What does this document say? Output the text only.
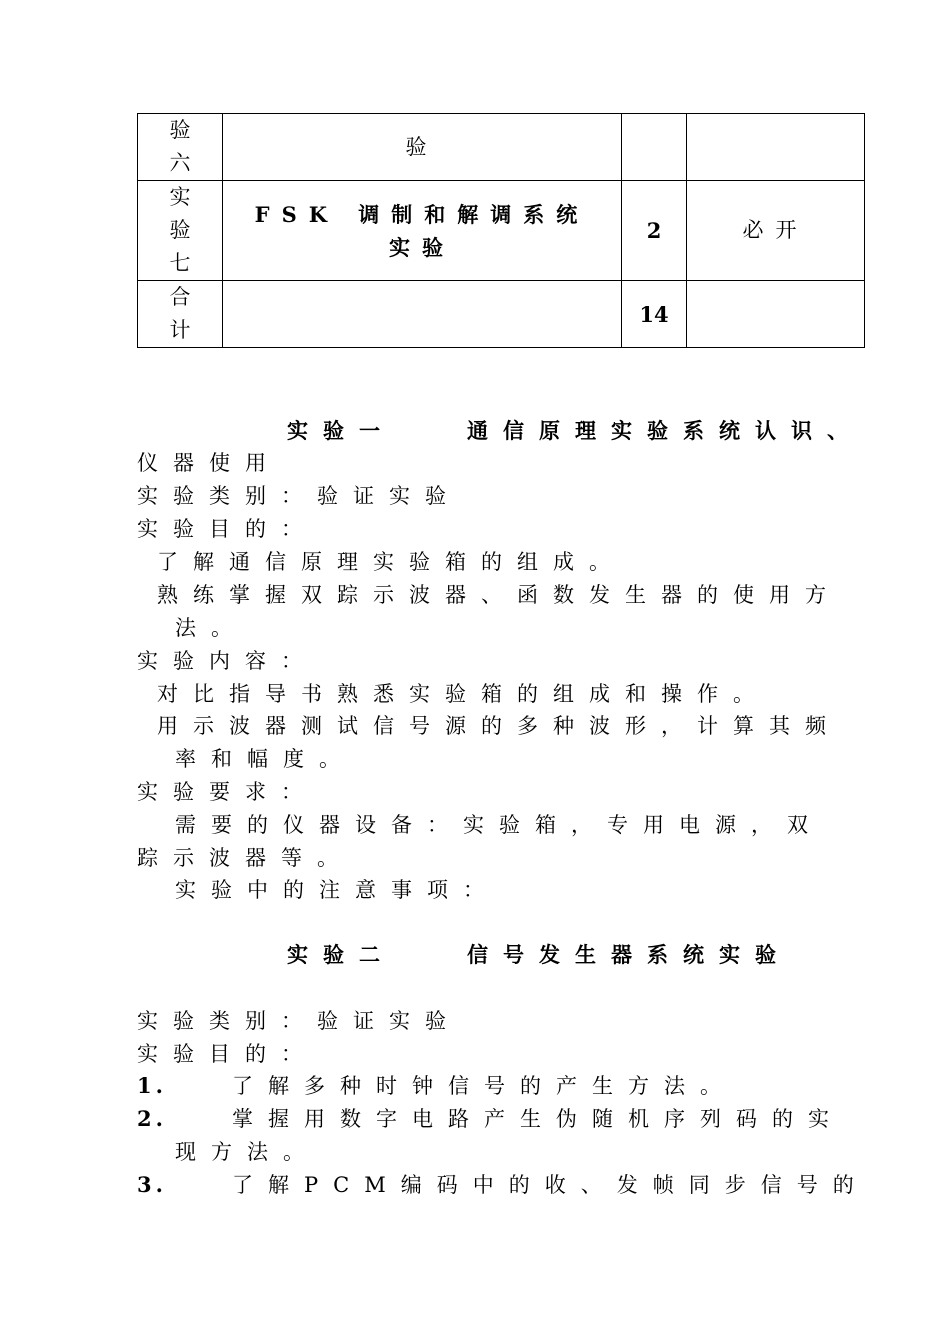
验六	验		

实验七	FSK 调制和解调系统实验	2	必开
合计		14	
实验一　　通信原理实验系统认识、
仪器使用
实验类别：验证实验
实验目的：
了解通信原理实验箱的组成。
熟练掌握双踪示波器、函数发生器的使用方
法。
实验内容：
对比指导书熟悉实验箱的组成和操作。
用示波器测试信号源的多种波形，计算其频
率和幅度。
实验要求：
需要的仪器设备：实验箱，专用电源，双
踪示波器等。
实验中的注意事项：
实验二　　信号发生器系统实验
实验类别：验证实验
实验目的：
1.	了解多种时钟信号的产生方法。
2.	掌握用数字电路产生伪随机序列码的实
现方法。
3.	了解PCM编码中的收、发帧同步信号的
